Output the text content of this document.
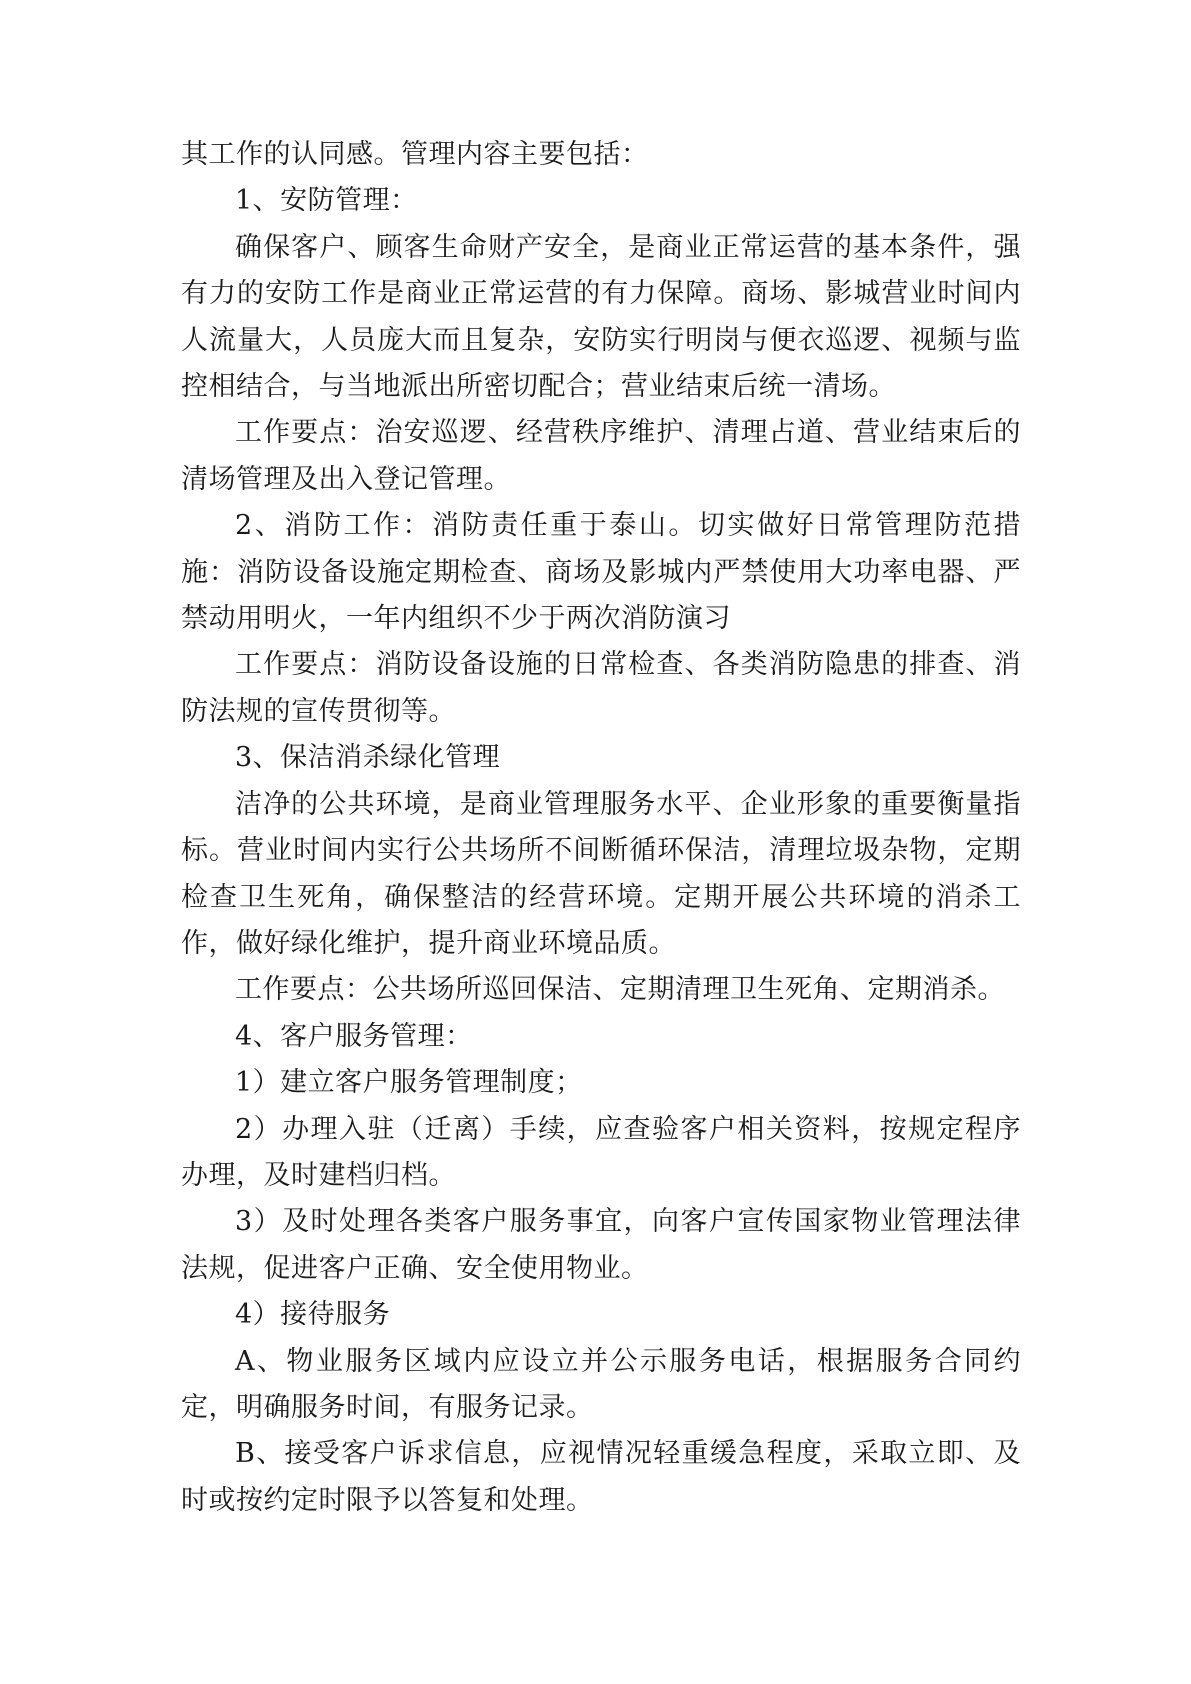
其工作的认同感。管理内容主要包括：

1、安防管理：

确保客户、顾客生命财产安全，是商业正常运营的基本条件，强有力的安防工作是商业正常运营的有力保障。商场、影城营业时间内人流量大，人员庞大而且复杂，安防实行明岗与便衣巡逻、视频与监控相结合，与当地派出所密切配合；营业结束后统一清场。

工作要点：治安巡逻、经营秩序维护、清理占道、营业结束后的清场管理及出入登记管理。

2、消防工作：消防责任重于泰山。切实做好日常管理防范措施：消防设备设施定期检查、商场及影城内严禁使用大功率电器、严禁动用明火，一年内组织不少于两次消防演习

工作要点：消防设备设施的日常检查、各类消防隐患的排查、消防法规的宣传贯彻等。

3、保洁消杀绿化管理

洁净的公共环境，是商业管理服务水平、企业形象的重要衡量指标。营业时间内实行公共场所不间断循环保洁，清理垃圾杂物，定期检查卫生死角，确保整洁的经营环境。定期开展公共环境的消杀工作，做好绿化维护，提升商业环境品质。

工作要点：公共场所巡回保洁、定期清理卫生死角、定期消杀。

4、客户服务管理：

1）建立客户服务管理制度；

2）办理入驻（迁离）手续，应查验客户相关资料，按规定程序办理，及时建档归档。

3）及时处理各类客户服务事宜，向客户宣传国家物业管理法律法规，促进客户正确、安全使用物业。

4）接待服务

A、物业服务区域内应设立并公示服务电话，根据服务合同约定，明确服务时间，有服务记录。

B、接受客户诉求信息，应视情况轻重缓急程度，采取立即、及时或按约定时限予以答复和处理。
